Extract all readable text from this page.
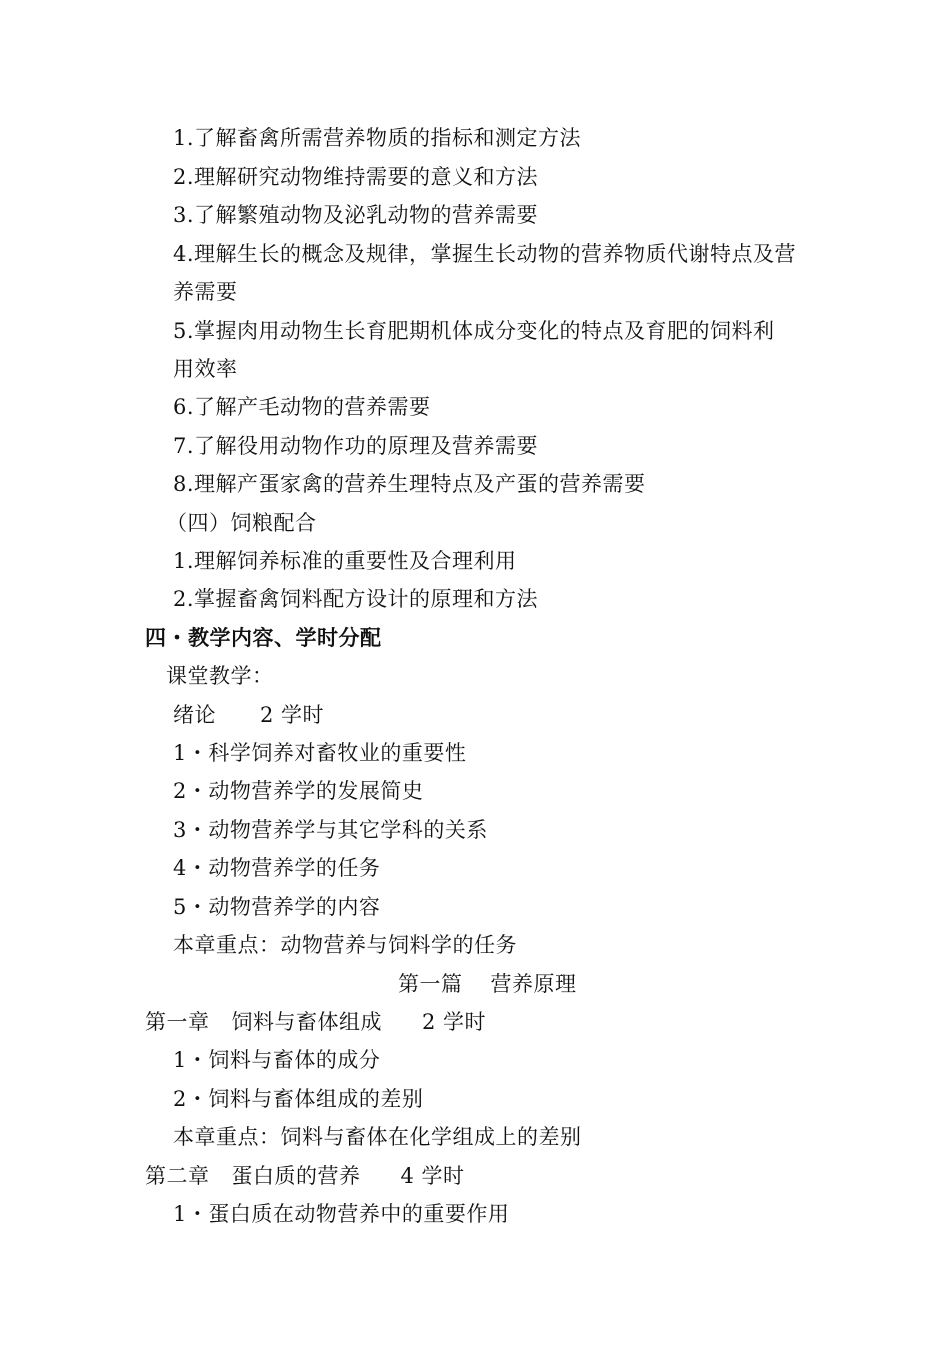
1.了解畜禽所需营养物质的指标和测定方法
2.理解研究动物维持需要的意义和方法
3.了解繁殖动物及泌乳动物的营养需要
4.理解生长的概念及规律，掌握生长动物的营养物质代谢特点及营
养需要
5.掌握肉用动物生长育肥期机体成分变化的特点及育肥的饲料利
用效率
6.了解产毛动物的营养需要
7.了解役用动物作功的原理及营养需要
8.理解产蛋家禽的营养生理特点及产蛋的营养需要
（四）饲粮配合
1.理解饲养标准的重要性及合理利用
2.掌握畜禽饲料配方设计的原理和方法
四・教学内容、学时分配
课堂教学：
绪论 2 学时
1・科学饲养对畜牧业的重要性
2・动物营养学的发展简史
3・动物营养学与其它学科的关系
4・动物营养学的任务
5・动物营养学的内容
本章重点：动物营养与饲料学的任务
第一篇 营养原理
第一章 饲料与畜体组成 2 学时
1・饲料与畜体的成分
2・饲料与畜体组成的差别
本章重点：饲料与畜体在化学组成上的差别
第二章 蛋白质的营养 4 学时
1・蛋白质在动物营养中的重要作用
